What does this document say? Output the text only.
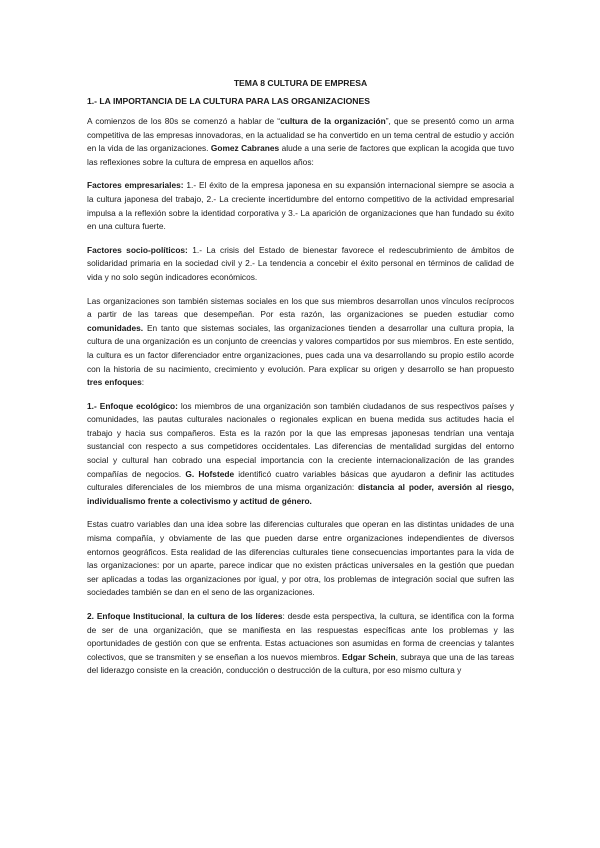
TEMA 8 CULTURA DE EMPRESA
1.- LA IMPORTANCIA DE LA CULTURA PARA LAS ORGANIZACIONES

A comienzos de los 80s se comenzó a hablar de “cultura de la organización”, que se presentó como un arma competitiva de las empresas innovadoras, en la actualidad se ha convertido en un tema central de estudio y acción en la vida de las organizaciones. Gomez Cabranes alude a una serie de factores que explican la acogida que tuvo las reflexiones sobre la cultura de empresa en aquellos años:

Factores empresariales: 1.- El éxito de la empresa japonesa en su expansión internacional siempre se asocia a la cultura japonesa del trabajo, 2.- La creciente incertidumbre del entorno competitivo de la actividad empresarial impulsa a la reflexión sobre la identidad corporativa y 3.- La aparición de organizaciones que han fundado su éxito en una cultura fuerte.

Factores socio-políticos: 1.- La crisis del Estado de bienestar favorece el redescubrimiento de ámbitos de solidaridad primaria en la sociedad civil y 2.- La tendencia a concebir el éxito personal en términos de calidad de vida y no solo según indicadores económicos.

Las organizaciones son también sistemas sociales en los que sus miembros desarrollan unos vínculos recíprocos a partir de las tareas que desempeñan. Por esta razón, las organizaciones se pueden estudiar como comunidades. En tanto que sistemas sociales, las organizaciones tienden a desarrollar una cultura propia, la cultura de una organización es un conjunto de creencias y valores compartidos por sus miembros. En este sentido, la cultura es un factor diferenciador entre organizaciones, pues cada una va desarrollando su propio estilo acorde con la historia de su nacimiento, crecimiento y evolución. Para explicar su origen y desarrollo se han propuesto tres enfoques:

1.- Enfoque ecológico: los miembros de una organización son también ciudadanos de sus respectivos países y comunidades, las pautas culturales nacionales o regionales explican en buena medida sus actitudes hacia el trabajo y hacia sus compañeros. Esta es la razón por la que las empresas japonesas tendrían una ventaja sustancial con respecto a sus competidores occidentales. Las diferencias de mentalidad surgidas del entorno social y cultural han cobrado una especial importancia con la creciente internacionalización de las grandes compañías de negocios. G. Hofstede identificó cuatro variables básicas que ayudaron a definir las actitudes culturales diferenciales de los miembros de una misma organización: distancia al poder, aversión al riesgo, individualismo frente a colectivismo y actitud de género.

Estas cuatro variables dan una idea sobre las diferencias culturales que operan en las distintas unidades de una misma compañía, y obviamente de las que pueden darse entre organizaciones independientes de diversos entornos geográficos. Esta realidad de las diferencias culturales tiene consecuencias importantes para la vida de las organizaciones: por un aparte, parece indicar que no existen prácticas universales en la gestión que puedan ser aplicadas a todas las organizaciones por igual, y por otra, los problemas de integración social que sufren las sociedades también se dan en el seno de las organizaciones.

2. Enfoque Institucional, la cultura de los líderes: desde esta perspectiva, la cultura, se identifica con la forma de ser de una organización, que se manifiesta en las respuestas específicas ante los problemas y las oportunidades de gestión con que se enfrenta. Estas actuaciones son asumidas en forma de creencias y talantes colectivos, que se transmiten y se enseñan a los nuevos miembros. Edgar Schein, subraya que una de las tareas del liderazgo consiste en la creación, conducción o destrucción de la cultura, por eso mismo cultura y
